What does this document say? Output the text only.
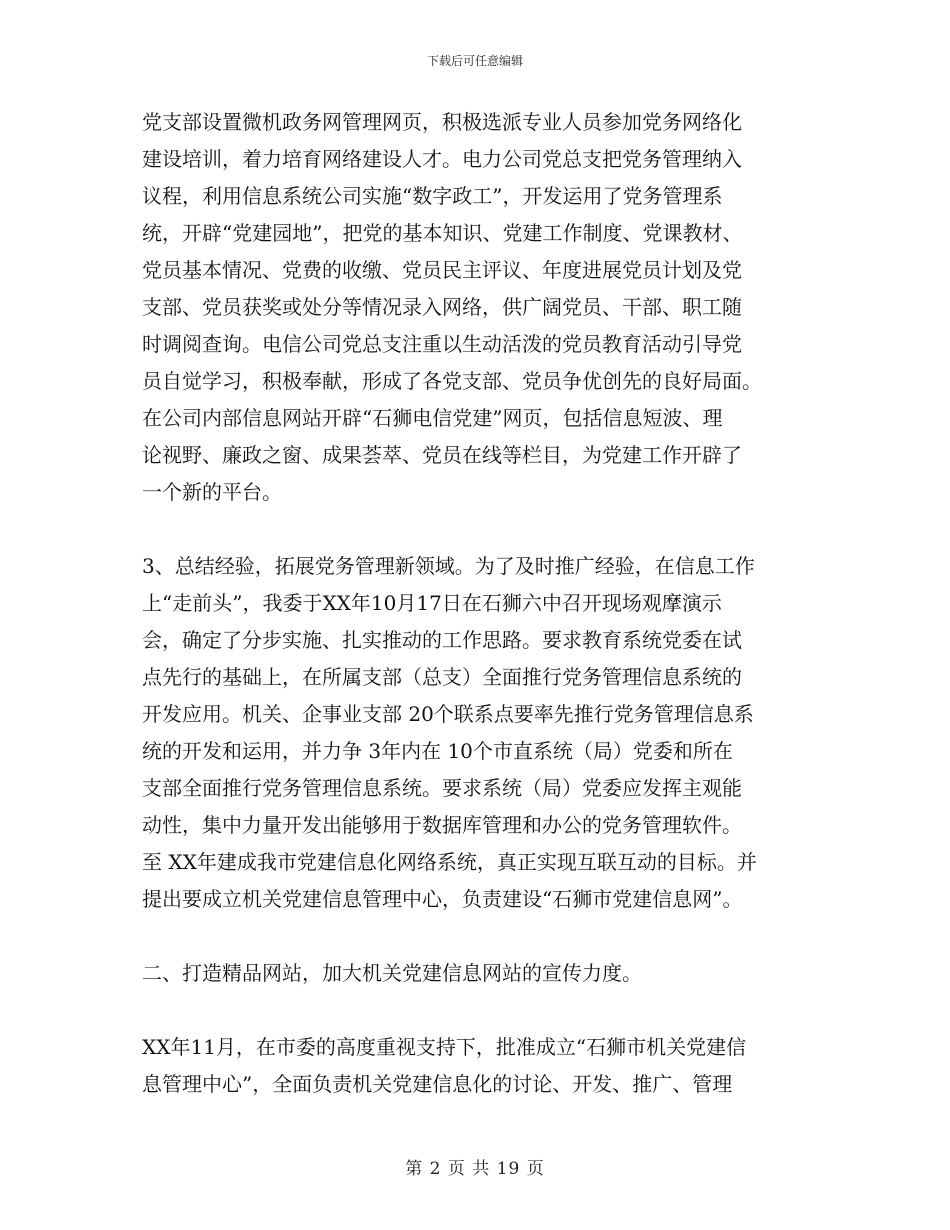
下载后可任意编辑

党支部设置微机政务网管理网页，积极选派专业人员参加党务网络化
建设培训，着力培育网络建设人才。电力公司党总支把党务管理纳入
议程，利用信息系统公司实施“数字政工”，开发运用了党务管理系
统，开辟“党建园地”，把党的基本知识、党建工作制度、党课教材、
党员基本情况、党费的收缴、党员民主评议、年度进展党员计划及党
支部、党员获奖或处分等情况录入网络，供广阔党员、干部、职工随
时调阅查询。电信公司党总支注重以生动活泼的党员教育活动引导党
员自觉学习，积极奉献，形成了各党支部、党员争优创先的良好局面。
在公司内部信息网站开辟“石狮电信党建”网页，包括信息短波、理
论视野、廉政之窗、成果荟萃、党员在线等栏目，为党建工作开辟了
一个新的平台。

3、总结经验，拓展党务管理新领域。为了及时推广经验，在信息工作
上“走前头”，我委于XX年10月17日在石狮六中召开现场观摩演示
会，确定了分步实施、扎实推动的工作思路。要求教育系统党委在试
点先行的基础上，在所属支部（总支）全面推行党务管理信息系统的
开发应用。机关、企事业支部 20个联系点要率先推行党务管理信息系
统的开发和运用，并力争 3年内在 10个市直系统（局）党委和所在
支部全面推行党务管理信息系统。要求系统（局）党委应发挥主观能
动性，集中力量开发出能够用于数据库管理和办公的党务管理软件。
至 XX年建成我市党建信息化网络系统，真正实现互联互动的目标。并
提出要成立机关党建信息管理中心，负责建设“石狮市党建信息网”。

二、打造精品网站，加大机关党建信息网站的宣传力度。

XX年11月，在市委的高度重视支持下，批准成立“石狮市机关党建信
息管理中心”，全面负责机关党建信息化的讨论、开发、推广、管理

第 2 页 共 19 页
